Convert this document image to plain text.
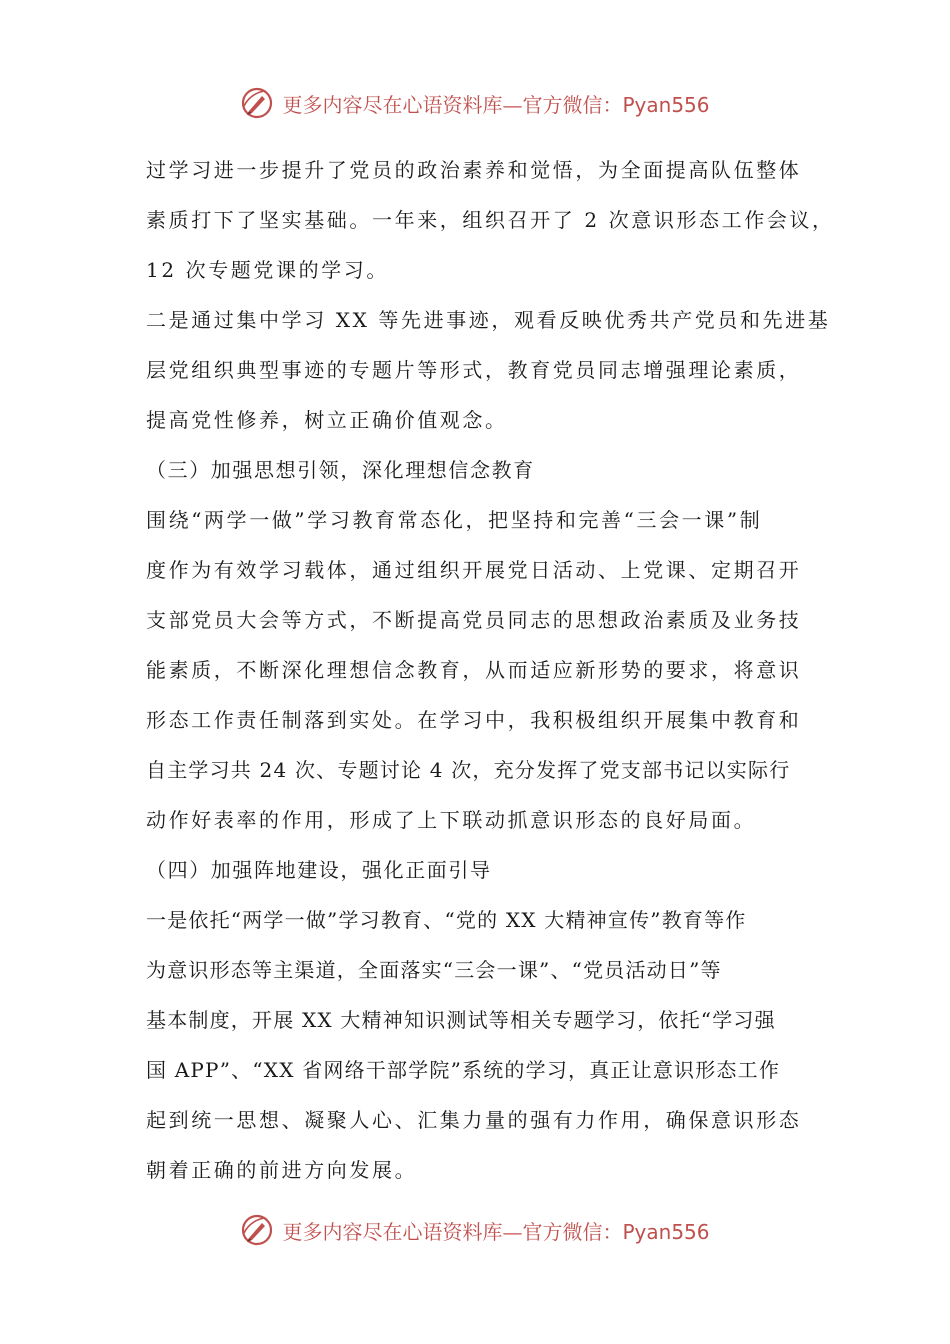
更多内容尽在心语资料库—官方微信：Pyan556
过学习进一步提升了党员的政治素养和觉悟，为全面提高队伍整体
素质打下了坚实基础。一年来，组织召开了 2 次意识形态工作会议，
12 次专题党课的学习。
二是通过集中学习 XX 等先进事迹，观看反映优秀共产党员和先进基
层党组织典型事迹的专题片等形式，教育党员同志增强理论素质，
提高党性修养，树立正确价值观念。
（三）加强思想引领，深化理想信念教育
围绕“两学一做”学习教育常态化，把坚持和完善“三会一课”制
度作为有效学习载体，通过组织开展党日活动、上党课、定期召开
支部党员大会等方式，不断提高党员同志的思想政治素质及业务技
能素质，不断深化理想信念教育，从而适应新形势的要求，将意识
形态工作责任制落到实处。在学习中，我积极组织开展集中教育和
自主学习共 24 次、专题讨论 4 次，充分发挥了党支部书记以实际行
动作好表率的作用，形成了上下联动抓意识形态的良好局面。
（四）加强阵地建设，强化正面引导
一是依托“两学一做”学习教育、“党的 XX 大精神宣传”教育等作
为意识形态等主渠道，全面落实“三会一课”、“党员活动日”等
基本制度，开展 XX 大精神知识测试等相关专题学习，依托“学习强
国 APP”、“XX 省网络干部学院”系统的学习，真正让意识形态工作
起到统一思想、凝聚人心、汇集力量的强有力作用，确保意识形态
朝着正确的前进方向发展。
更多内容尽在心语资料库—官方微信：Pyan556
